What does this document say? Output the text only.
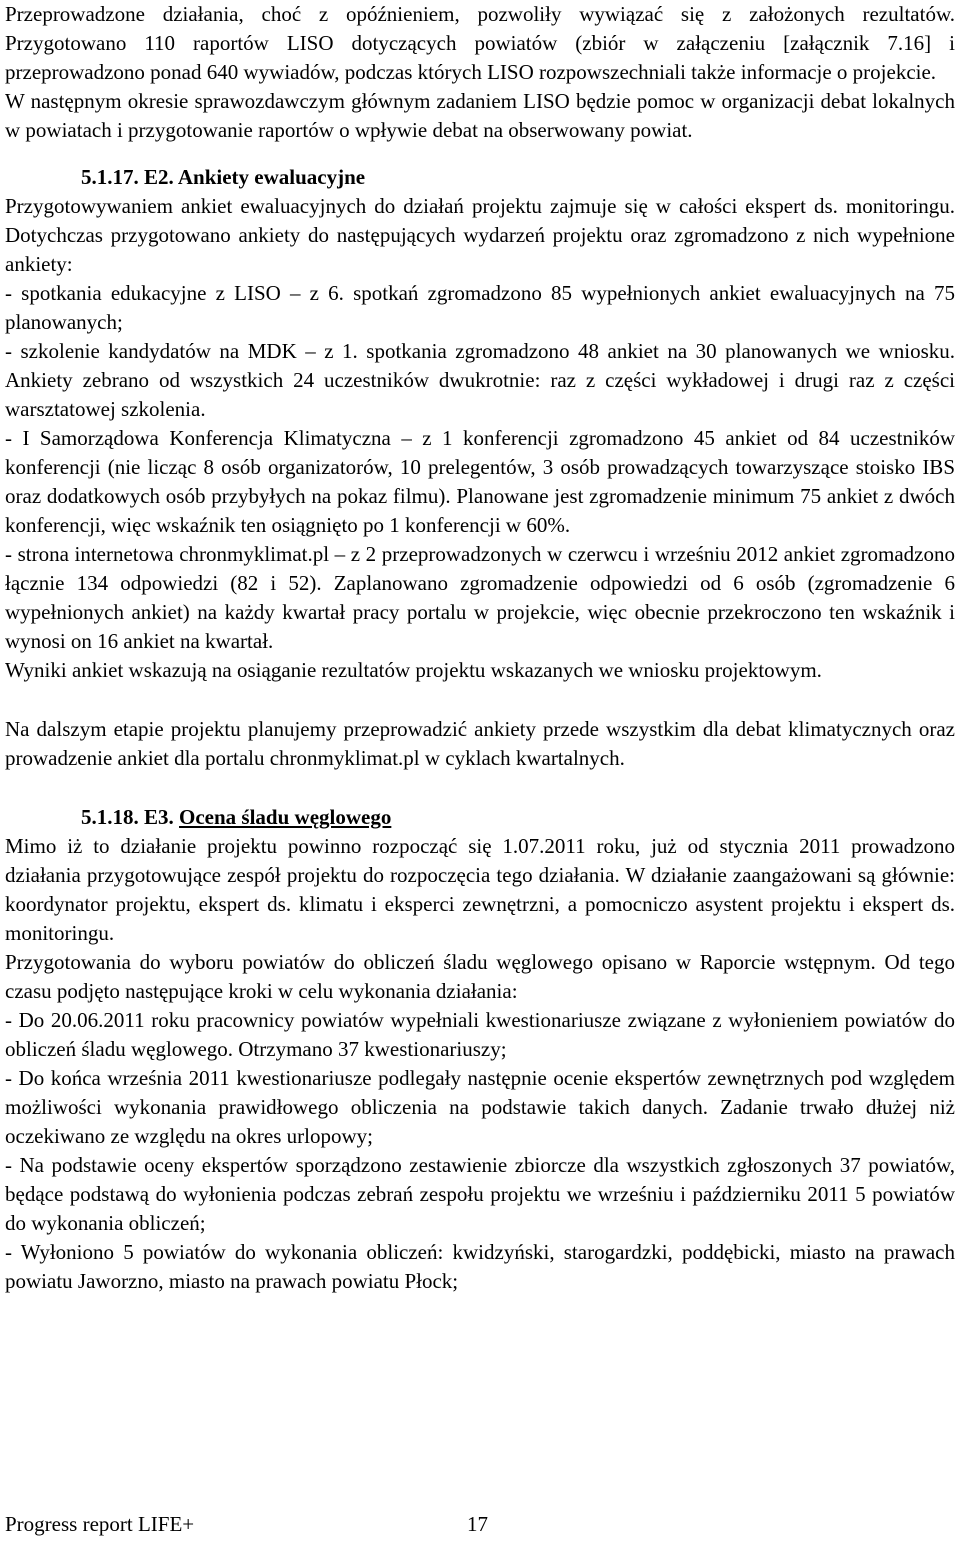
Przeprowadzone działania, choć z opóźnieniem, pozwoliły wywiązać się z założonych rezultatów. Przygotowano 110 raportów LISO dotyczących powiatów (zbiór w załączeniu [załącznik 7.16] i przeprowadzono ponad 640 wywiadów, podczas których LISO rozpowszechniali także informacje o projekcie.

W następnym okresie sprawozdawczym głównym zadaniem LISO będzie pomoc w organizacji debat lokalnych w powiatach i przygotowanie raportów o wpływie debat na obserwowany powiat.

5.1.17. E2. Ankiety ewaluacyjne

Przygotowywaniem ankiet ewaluacyjnych do działań projektu zajmuje się w całości ekspert ds. monitoringu. Dotychczas przygotowano ankiety do następujących wydarzeń projektu oraz zgromadzono z nich wypełnione ankiety:

- spotkania edukacyjne z LISO – z 6. spotkań zgromadzono 85 wypełnionych ankiet ewaluacyjnych na 75 planowanych;

- szkolenie kandydatów na MDK – z 1. spotkania zgromadzono 48 ankiet na 30 planowanych we wniosku. Ankiety zebrano od wszystkich 24 uczestników dwukrotnie: raz z części wykładowej i drugi raz z części warsztatowej szkolenia.

- I Samorządowa Konferencja Klimatyczna – z 1 konferencji zgromadzono 45 ankiet od 84 uczestników konferencji (nie licząc 8 osób organizatorów, 10 prelegentów, 3 osób prowadzących towarzyszące stoisko IBS oraz dodatkowych osób przybyłych na pokaz filmu). Planowane jest zgromadzenie minimum 75 ankiet z dwóch konferencji, więc wskaźnik ten osiągnięto po 1 konferencji w 60%.

- strona internetowa chronmyklimat.pl – z 2 przeprowadzonych w czerwcu i wrześniu 2012 ankiet zgromadzono łącznie 134 odpowiedzi (82 i 52). Zaplanowano zgromadzenie odpowiedzi od 6 osób (zgromadzenie 6 wypełnionych ankiet) na każdy kwartał pracy portalu w projekcie, więc obecnie przekroczono ten wskaźnik i wynosi on 16 ankiet na kwartał.

Wyniki ankiet wskazują na osiąganie rezultatów projektu wskazanych we wniosku projektowym.

Na dalszym etapie projektu planujemy przeprowadzić ankiety przede wszystkim dla debat klimatycznych oraz prowadzenie ankiet dla portalu chronmyklimat.pl w cyklach kwartalnych.

5.1.18. E3. Ocena śladu węglowego

Mimo iż to działanie projektu powinno rozpocząć się 1.07.2011 roku, już od stycznia 2011 prowadzono działania przygotowujące zespół projektu do rozpoczęcia tego działania. W działanie zaangażowani są głównie: koordynator projektu, ekspert ds. klimatu i eksperci zewnętrzni, a pomocniczo asystent projektu i ekspert ds. monitoringu.

Przygotowania do wyboru powiatów do obliczeń śladu węglowego opisano w Raporcie wstępnym. Od tego czasu podjęto następujące kroki w celu wykonania działania:

- Do 20.06.2011 roku pracownicy powiatów wypełniali kwestionariusze związane z wyłonieniem powiatów do obliczeń śladu węglowego. Otrzymano 37 kwestionariuszy;

- Do końca września 2011 kwestionariusze podlegały następnie ocenie ekspertów zewnętrznych pod względem możliwości wykonania prawidłowego obliczenia na podstawie takich danych. Zadanie trwało dłużej niż oczekiwano ze względu na okres urlopowy;

- Na podstawie oceny ekspertów sporządzono zestawienie zbiorcze dla wszystkich zgłoszonych 37 powiatów, będące podstawą do wyłonienia podczas zebrań zespołu projektu we wrześniu i październiku 2011 5 powiatów do wykonania obliczeń;

- Wyłoniono 5 powiatów do wykonania obliczeń: kwidzyński, starogardzki, poddębicki, miasto na prawach powiatu Jaworzno, miasto na prawach powiatu Płock;

Progress report LIFE+	17
